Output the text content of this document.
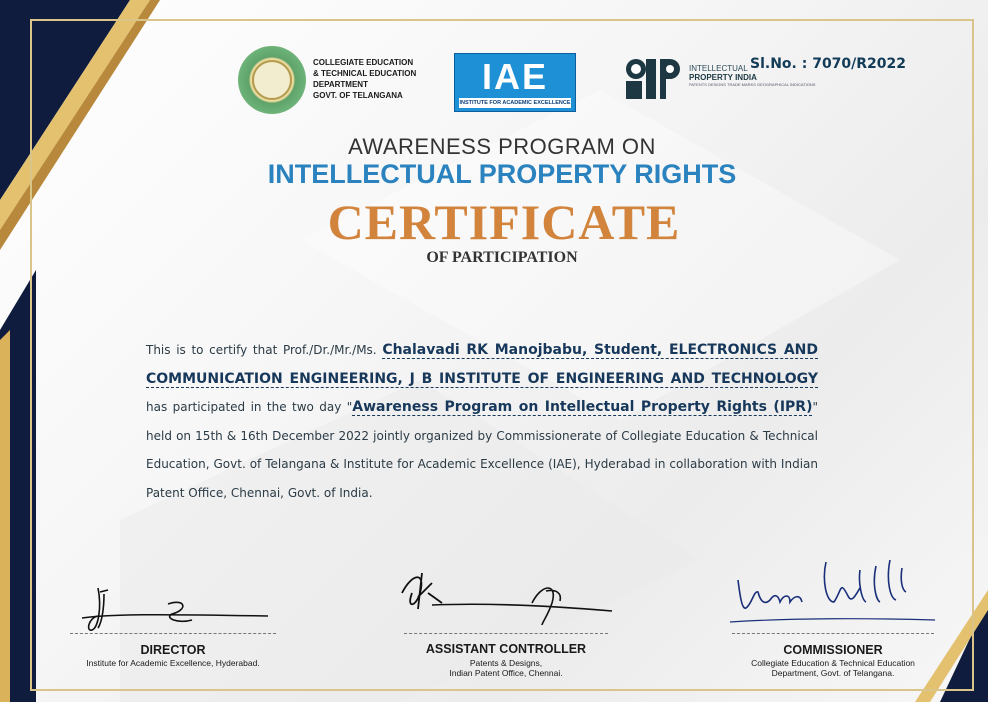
COLLEGIATE EDUCATION
& TECHNICAL EDUCATION
DEPARTMENT
GOVT. OF TELANGANA	IAE
INSTITUTE FOR ACADEMIC EXCELLENCE
INTELLECTUAL
PROPERTY INDIA
PATENTS DESIGNS TRADE MARKS GEOGRAPHICAL INDICATIONS
Sl.No. : 7070/R2022
AWARENESS PROGRAM ON
INTELLECTUAL PROPERTY RIGHTS
CERTIFICATE
OF PARTICIPATION
This is to certify that Prof./Dr./Mr./Ms. Chalavadi RK Manojbabu, Student, ELECTRONICS AND COMMUNICATION ENGINEERING, J B INSTITUTE OF ENGINEERING AND TECHNOLOGY has participated in the two day "Awareness Program on Intellectual Property Rights (IPR)" held on 15th & 16th December 2022 jointly organized by Commissionerate of Collegiate Education & Technical Education, Govt. of Telangana & Institute for Academic Excellence (IAE), Hyderabad in collaboration with Indian Patent Office, Chennai, Govt. of India.
DIRECTOR
Institute for Academic Excellence, Hyderabad.
ASSISTANT CONTROLLER
Patents & Designs,
Indian Patent Office, Chennai.
COMMISSIONER
Collegiate Education & Technical Education
Department, Govt. of Telangana.
